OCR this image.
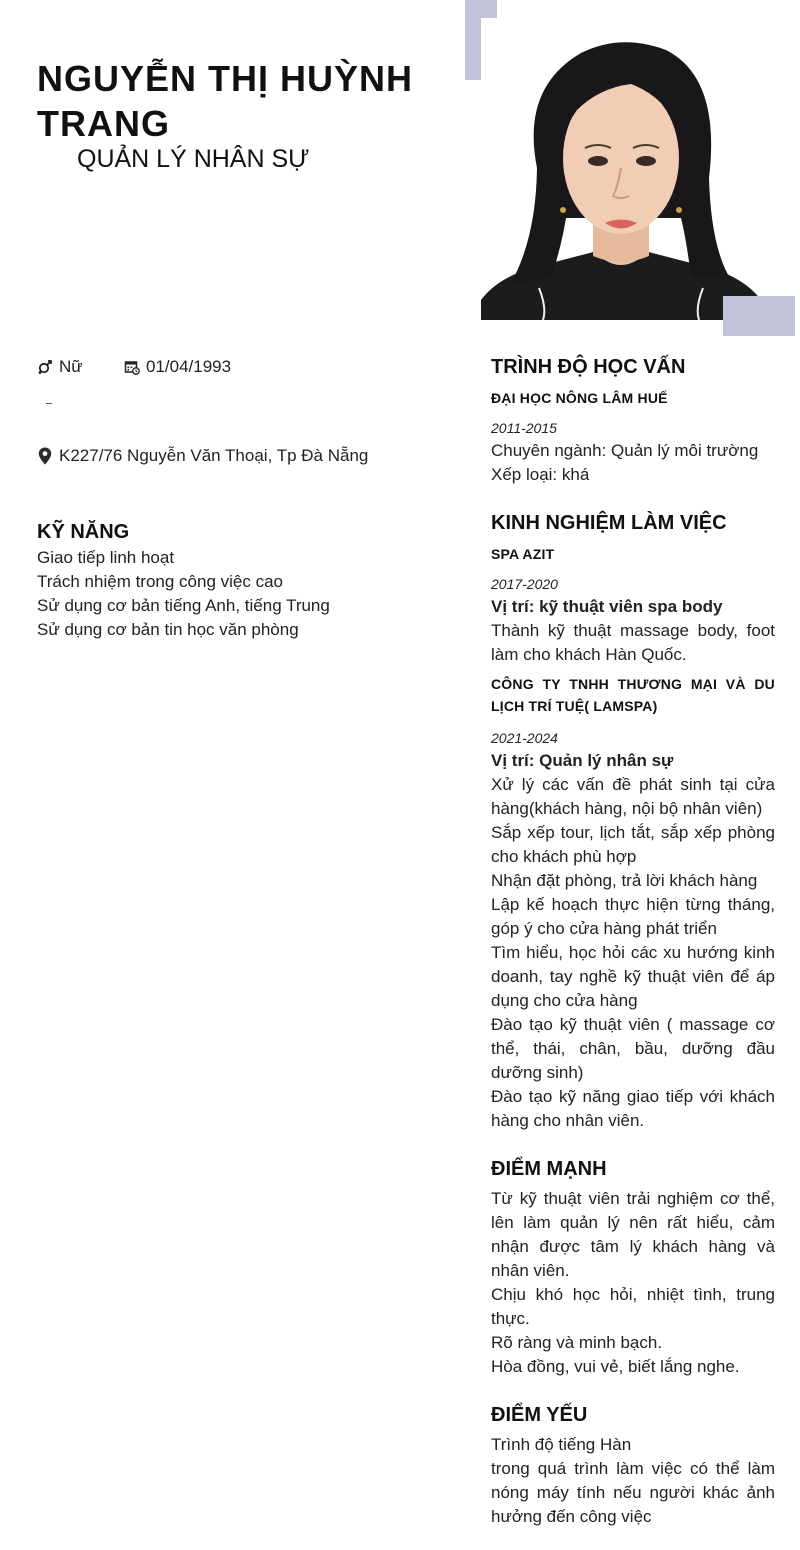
NGUYỄN THỊ HUỲNH TRANG
QUẢN LÝ NHÂN SỰ
Nữ	01/04/1993
K227/76 Nguyễn Văn Thoại, Tp Đà Nẵng
KỸ NĂNG
Giao tiếp linh hoạt
Trách nhiệm trong công việc cao
Sử dụng cơ bản tiếng Anh, tiếng Trung
Sử dụng cơ bản tin học văn phòng
TRÌNH ĐỘ HỌC VẤN
ĐẠI HỌC NÔNG LÂM HUẾ
2011-2015
Chuyên ngành: Quản lý môi trường
Xếp loại: khá
KINH NGHIỆM LÀM VIỆC
SPA AZIT
2017-2020
Vị trí: kỹ thuật viên spa body
Thành kỹ thuật massage body, foot làm cho khách Hàn Quốc.
CÔNG TY TNHH THƯƠNG MẠI VÀ DU LỊCH TRÍ TUỆ( LAMSPA)
2021-2024
Vị trí: Quản lý nhân sự
Xử lý các vấn đề phát sinh tại cửa hàng(khách hàng, nội bộ nhân viên)
Sắp xếp tour, lịch tắt, sắp xếp phòng cho khách phù hợp
Nhận đặt phòng, trả lời khách hàng
Lập kế hoạch thực hiện từng tháng, góp ý cho cửa hàng phát triển
Tìm hiểu, học hỏi các xu hướng kinh doanh, tay nghề kỹ thuật viên để áp dụng cho cửa hàng
Đào tạo kỹ thuật viên ( massage cơ thể, thái, chân, bầu, dưỡng đầu dưỡng sinh)
Đào tạo kỹ năng giao tiếp với khách hàng cho nhân viên.
ĐIỂM MẠNH
Từ kỹ thuật viên trải nghiệm cơ thể, lên làm quản lý nên rất hiểu, cảm nhận được tâm lý khách hàng và nhân viên.
Chịu khó học hỏi, nhiệt tình, trung thực.
Rõ ràng và minh bạch.
Hòa đồng, vui vẻ, biết lắng nghe.
ĐIỂM YẾU
Trình độ tiếng Hàn
trong quá trình làm việc có thể làm nóng máy tính nếu người khác ảnh hưởng đến công việc
